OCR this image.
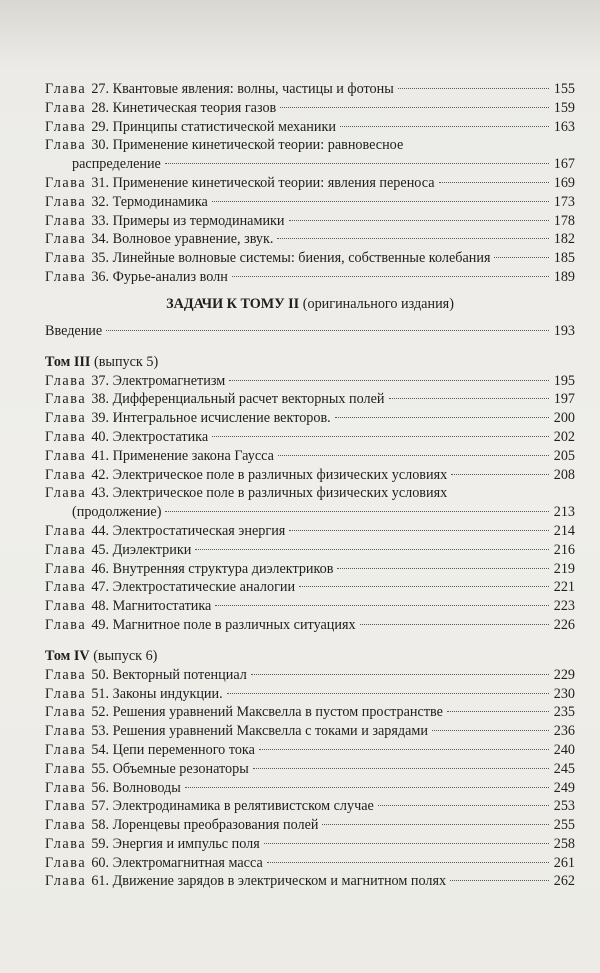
Глава 27. Квантовые явления: волны, частицы и фотоны	155
Глава 28. Кинетическая теория газов	159
Глава 29. Принципы статистической механики	163
Глава 30. Применение кинетической теории: равновесное
распределение	167
Глава 31. Применение кинетической теории: явления переноса	169
Глава 32. Термодинамика	173
Глава 33. Примеры из термодинамики	178
Глава 34. Волновое уравнение, звук.	182
Глава 35. Линейные волновые системы: биения, собственные колебания	185
Глава 36. Фурье-анализ волн	189
ЗАДАЧИ К ТОМУ II (оригинального издания)
Введение	193
Том III (выпуск 5)
Глава 37. Электромагнетизм	195
Глава 38. Дифференциальный расчет векторных полей	197
Глава 39. Интегральное исчисление векторов.	200
Глава 40. Электростатика	202
Глава 41. Применение закона Гаусса	205
Глава 42. Электрическое поле в различных физических условиях	208
Глава 43. Электрическое поле в различных физических условиях
(продолжение)	213
Глава 44. Электростатическая энергия	214
Глава 45. Диэлектрики	216
Глава 46. Внутренняя структура диэлектриков	219
Глава 47. Электростатические аналогии	221
Глава 48. Магнитостатика	223
Глава 49. Магнитное поле в различных ситуациях	226
Том IV (выпуск 6)
Глава 50. Векторный потенциал	229
Глава 51. Законы индукции.	230
Глава 52. Решения уравнений Максвелла в пустом пространстве	235
Глава 53. Решения уравнений Максвелла с токами и зарядами	236
Глава 54. Цепи переменного тока	240
Глава 55. Объемные резонаторы	245
Глава 56. Волноводы	249
Глава 57. Электродинамика в релятивистском случае	253
Глава 58. Лоренцевы преобразования полей	255
Глава 59. Энергия и импульс поля	258
Глава 60. Электромагнитная масса	261
Глава 61. Движение зарядов в электрическом и магнитном полях	262
